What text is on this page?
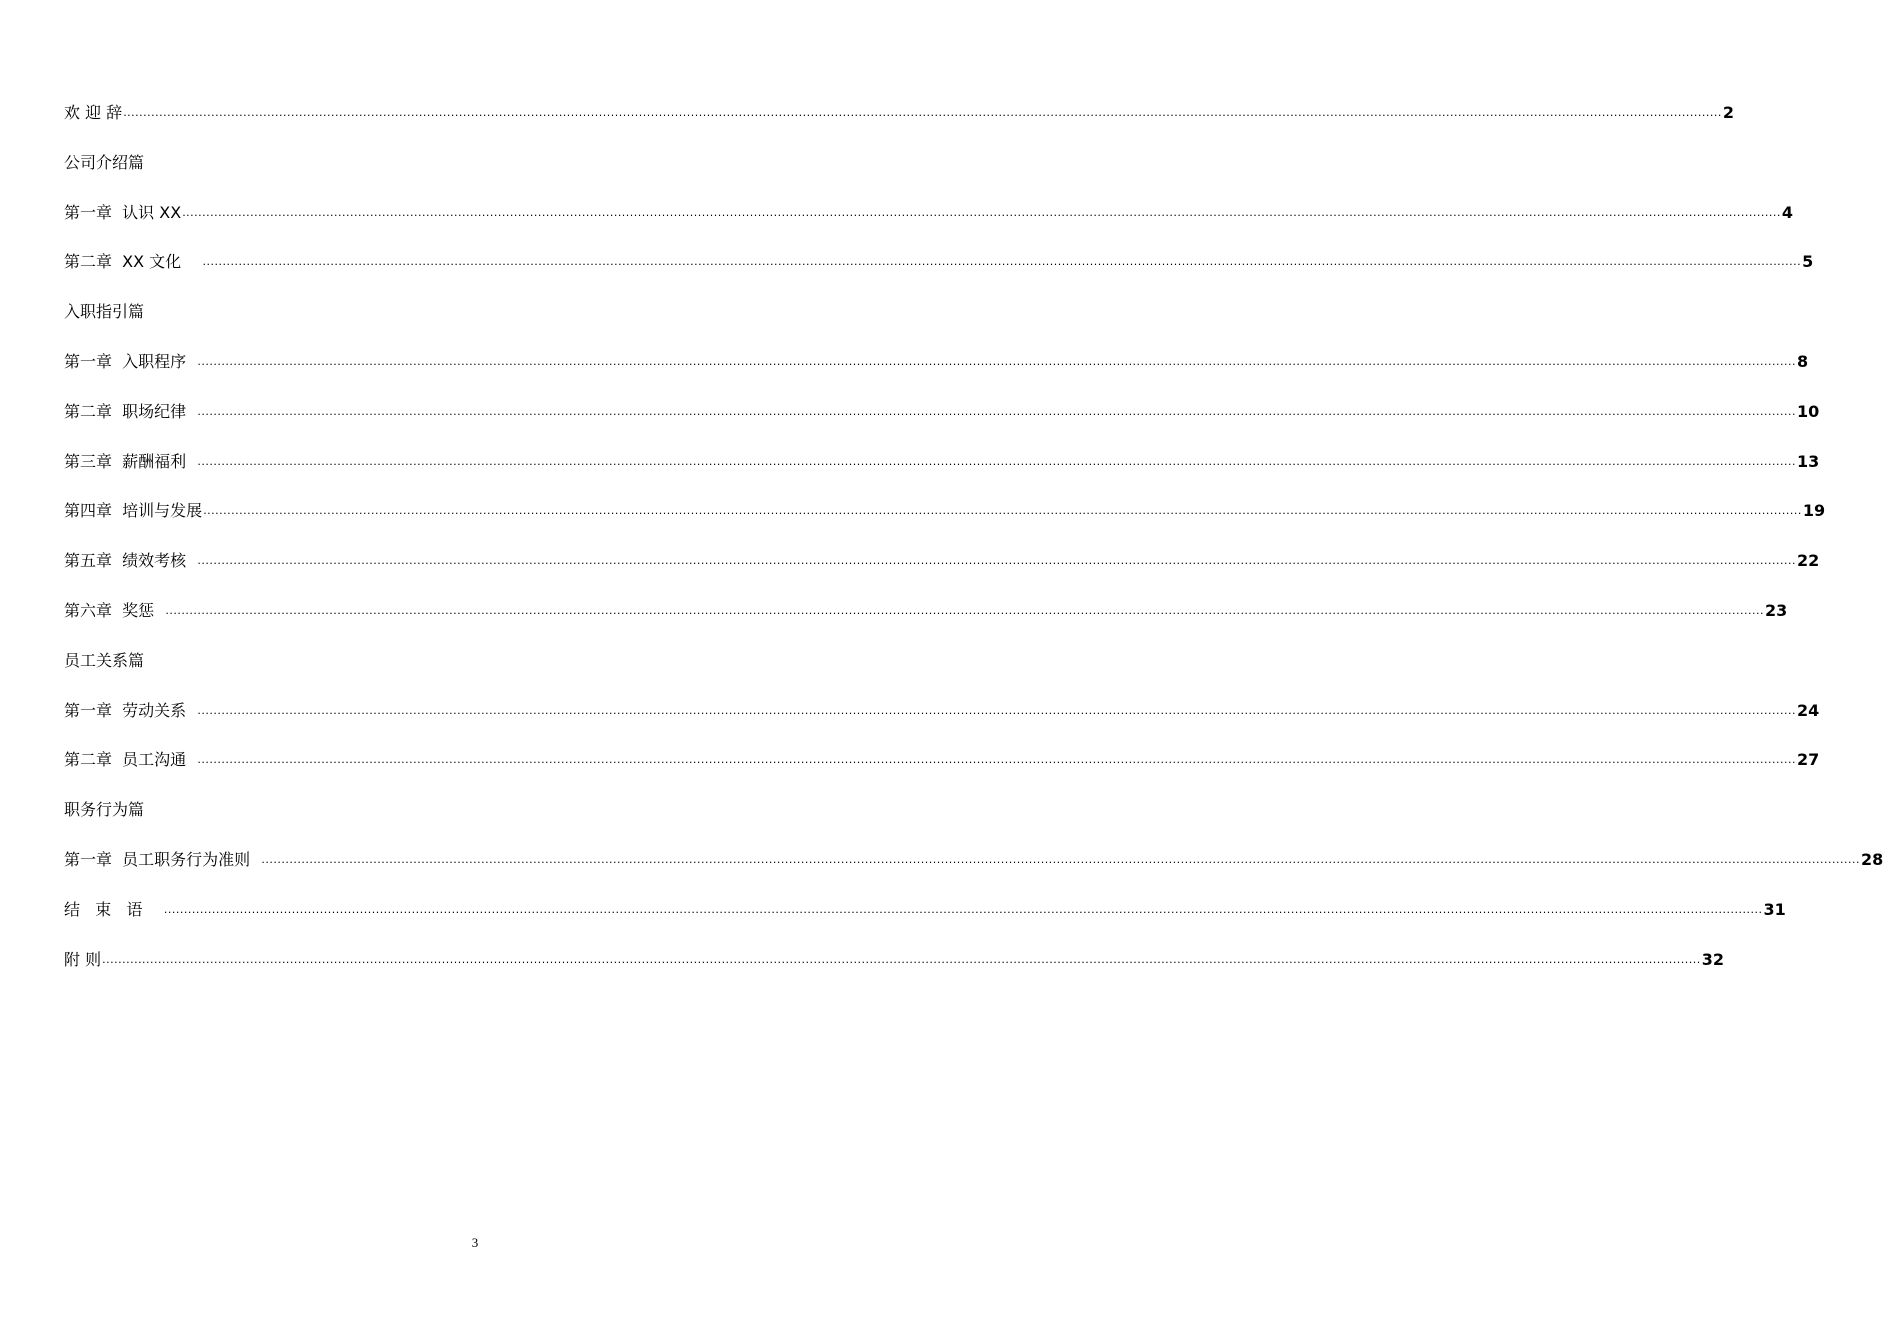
欢 迎 辞 ................................................................................................................................................................................................................................................................................................................................................................................................................ 2
公司介绍篇
第一章  认识 XX ................................................................................................................................................................................................................................................................................................................................................................................................................ 4
第二章  XX 文化 ................................................................................................................................................................................................................................................................................................................................................................................................................ 5
入职指引篇
第一章  入职程序 ................................................................................................................................................................................................................................................................................................................................................................................................................ 8
第二章  职场纪律 ................................................................................................................................................................................................................................................................................................................................................................................................................ 10
第三章  薪酬福利 ................................................................................................................................................................................................................................................................................................................................................................................................................ 13
第四章  培训与发展 ................................................................................................................................................................................................................................................................................................................................................................................................................ 19
第五章  绩效考核 ................................................................................................................................................................................................................................................................................................................................................................................................................ 22
第六章  奖惩 ................................................................................................................................................................................................................................................................................................................................................................................................................ 23
员工关系篇
第一章  劳动关系 ................................................................................................................................................................................................................................................................................................................................................................................................................ 24
第二章  员工沟通 ................................................................................................................................................................................................................................................................................................................................................................................................................ 27
职务行为篇
第一章  员工职务行为准则 ................................................................................................................................................................................................................................................................................................................................................................................................................ 28
结   束   语 ................................................................................................................................................................................................................................................................................................................................................................................................................ 31
附 则 ................................................................................................................................................................................................................................................................................................................................................................................................................ 32
3
